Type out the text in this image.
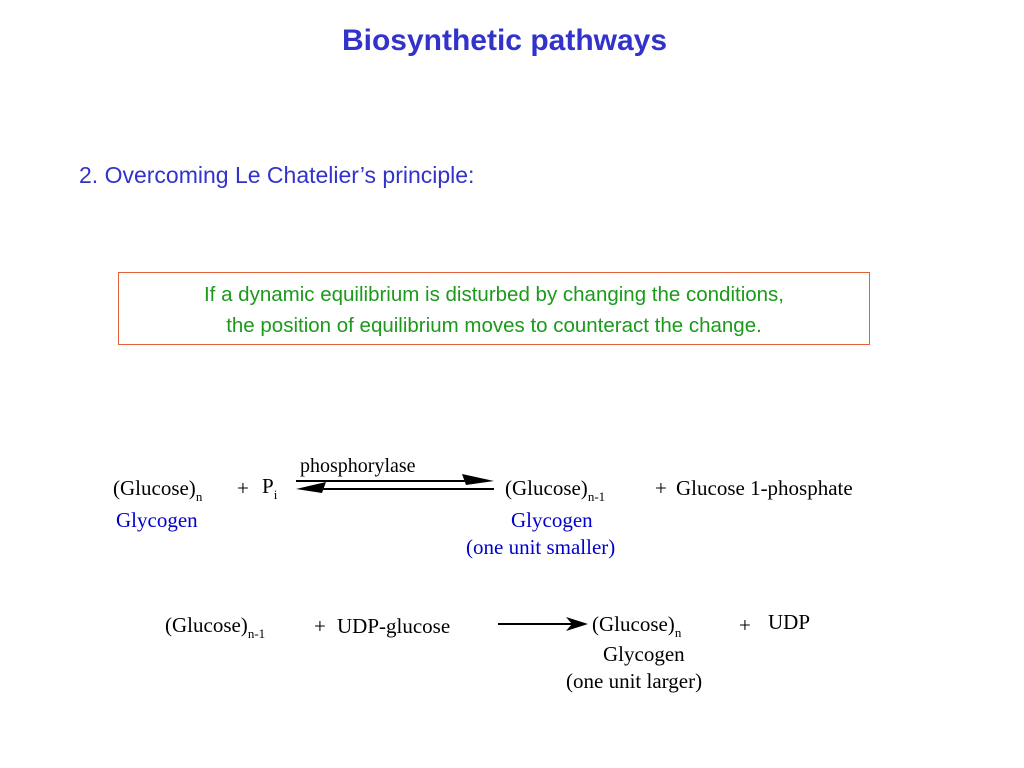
Biosynthetic pathways
2. Overcoming Le Chatelier’s principle:
If a dynamic equilibrium is disturbed by changing the conditions,
the position of equilibrium moves to counteract the change.
phosphorylase
$(Glucose)_n + P_i$
Glycogen
$(Glucose)_{n-1} + Glucose$ 1-phosphate
Glycogen
(one unit smaller)
$(Glucose)_{n-1} + UDP-glucose$	$(Glucose)_n$	+ UDP
Glycogen
(one unit larger)
